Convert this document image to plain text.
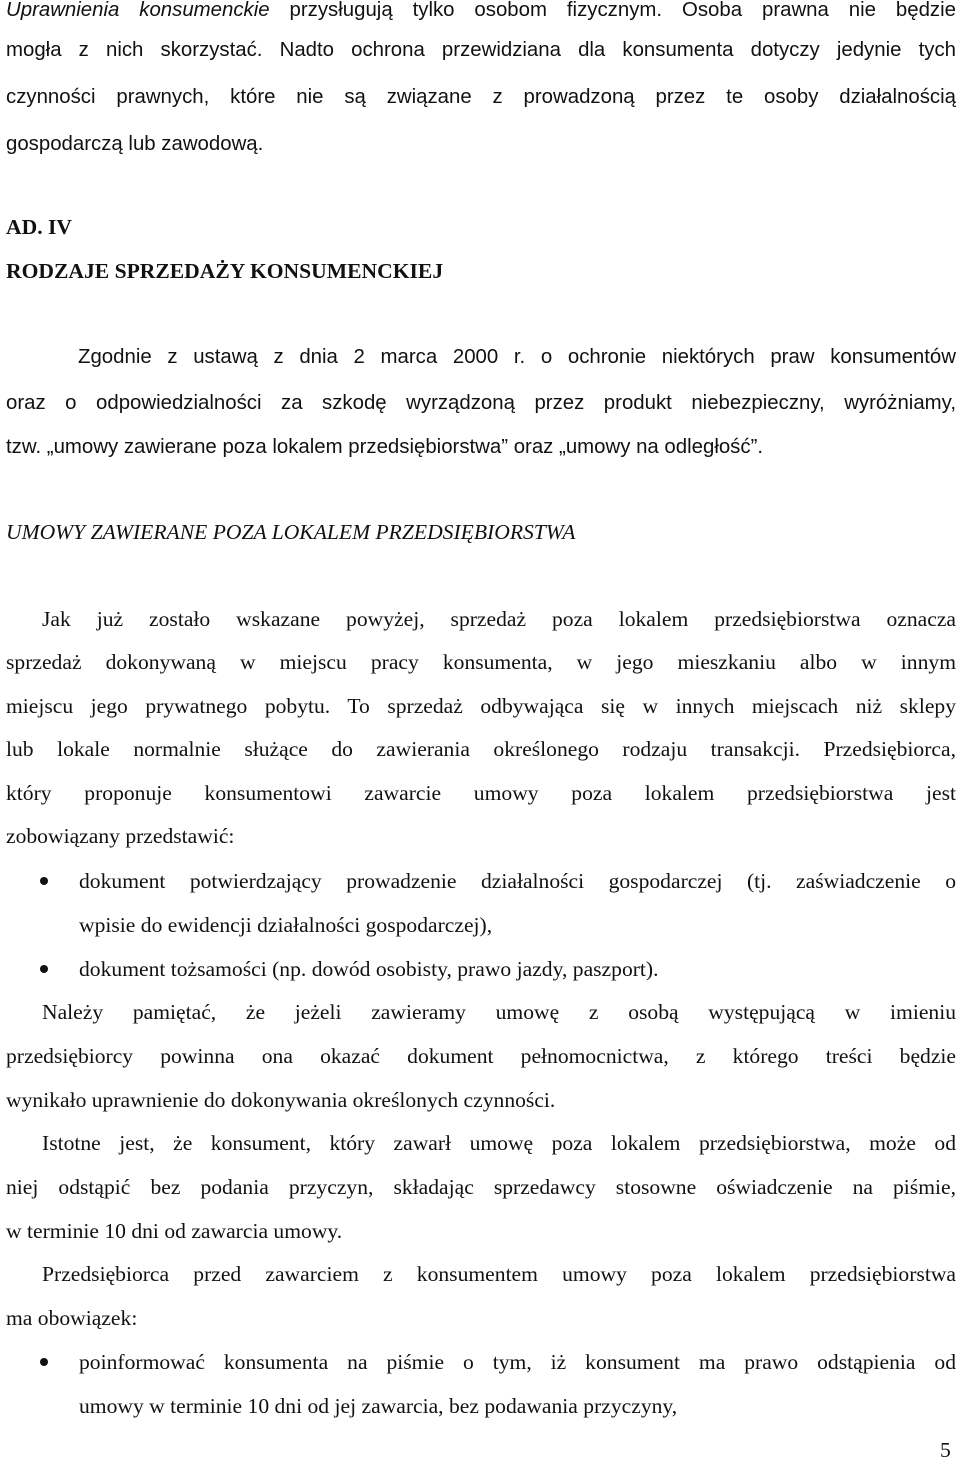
Uprawnienia konsumenckie przysługują tylko osobom fizycznym. Osoba prawna nie będzie
mogła z nich skorzystać. Nadto ochrona przewidziana dla konsumenta dotyczy jedynie tych
czynności prawnych, które nie są związane z prowadzoną przez te osoby działalnością
gospodarczą lub zawodową.
AD. IV
RODZAJE SPRZEDAŻY KONSUMENCKIEJ
Zgodnie z ustawą z dnia 2 marca 2000 r. o ochronie niektórych praw konsumentów
oraz o odpowiedzialności za szkodę wyrządzoną przez produkt niebezpieczny, wyróżniamy,
tzw. „umowy zawierane poza lokalem przedsiębiorstwa” oraz „umowy na odległość”.
UMOWY ZAWIERANE POZA LOKALEM PRZEDSIĘBIORSTWA
Jak już zostało wskazane powyżej, sprzedaż poza lokalem przedsiębiorstwa oznacza
sprzedaż dokonywaną w miejscu pracy konsumenta, w jego mieszkaniu albo w innym
miejscu jego prywatnego pobytu. To sprzedaż odbywająca się w innych miejscach niż sklepy
lub lokale normalnie służące do zawierania określonego rodzaju transakcji. Przedsiębiorca,
który proponuje konsumentowi zawarcie umowy poza lokalem przedsiębiorstwa jest
zobowiązany przedstawić:
dokument potwierdzający prowadzenie działalności gospodarczej (tj. zaświadczenie o
wpisie do ewidencji działalności gospodarczej),
dokument tożsamości (np. dowód osobisty, prawo jazdy, paszport).
Należy pamiętać, że jeżeli zawieramy umowę z osobą występującą w imieniu
przedsiębiorcy powinna ona okazać dokument pełnomocnictwa, z którego treści będzie
wynikało uprawnienie do dokonywania określonych czynności.
Istotne jest, że konsument, który zawarł umowę poza lokalem przedsiębiorstwa, może od
niej odstąpić bez podania przyczyn, składając sprzedawcy stosowne oświadczenie na piśmie,
w terminie 10 dni od zawarcia umowy.
Przedsiębiorca przed zawarciem z konsumentem umowy poza lokalem przedsiębiorstwa
ma obowiązek:
poinformować konsumenta na piśmie o tym, iż konsument ma prawo odstąpienia od
umowy w terminie 10 dni od jej zawarcia, bez podawania przyczyny,
5
